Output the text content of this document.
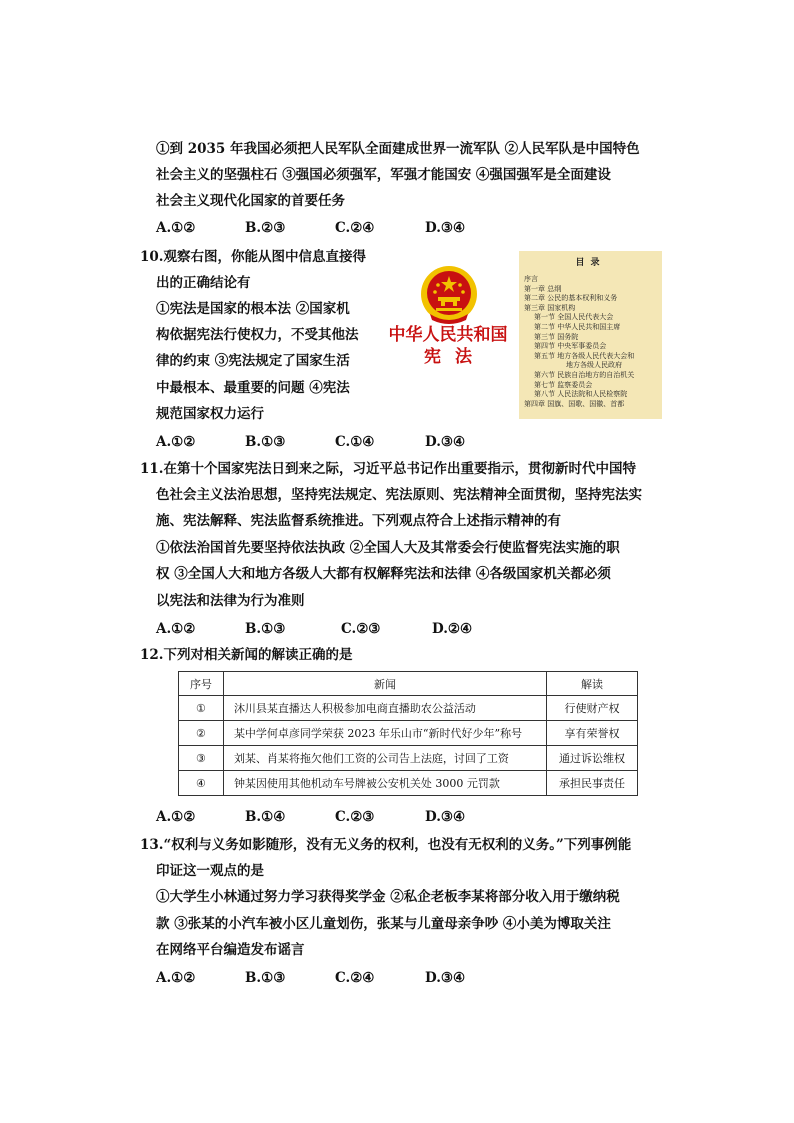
①到 2035 年我国必须把人民军队全面建成世界一流军队 ②人民军队是中国特色
社会主义的坚强柱石 ③强国必须强军，军强才能国安 ④强国强军是全面建设
社会主义现代化国家的首要任务
A.①②	B.②③	C.②④	D.③④
10.观察右图，你能从图中信息直接得
出的正确结论有
①宪法是国家的根本法 ②国家机
构依据宪法行使权力，不受其他法
律的约束 ③宪法规定了国家生活
中最根本、最重要的问题 ④宪法
规范国家权力运行
中华人民共和国
宪法
目录
序言
第一章 总纲
第二章 公民的基本权利和义务
第三章 国家机构
第一节 全国人民代表大会
第二节 中华人民共和国主席
第三节 国务院
第四节 中央军事委员会
第五节 地方各级人民代表大会和
地方各级人民政府
第六节 民族自治地方的自治机关
第七节 监察委员会
第八节 人民法院和人民检察院
第四章 国旗、国歌、国徽、首都
A.①②	B.①③	C.①④	D.③④
11.在第十个国家宪法日到来之际，习近平总书记作出重要指示，贯彻新时代中国特
色社会主义法治思想，坚持宪法规定、宪法原则、宪法精神全面贯彻，坚持宪法实
施、宪法解释、宪法监督系统推进。下列观点符合上述指示精神的有
①依法治国首先要坚持依法执政 ②全国人大及其常委会行使监督宪法实施的职
权 ③全国人大和地方各级人大都有权解释宪法和法律 ④各级国家机关都必须
以宪法和法律为行为准则
A.①②	B.①③	C.②③	D.②④
12.下列对相关新闻的解读正确的是
序号	新闻	解读
①	沐川县某直播达人积极参加电商直播助农公益活动	行使财产权
②	某中学何卓彦同学荣获 2023 年乐山市“新时代好少年”称号	享有荣誉权
③	刘某、肖某将拖欠他们工资的公司告上法庭，讨回了工资	通过诉讼维权
④	钟某因使用其他机动车号牌被公安机关处 3000 元罚款	承担民事责任
A.①②	B.①④	C.②③	D.③④
13.“权利与义务如影随形，没有无义务的权利，也没有无权利的义务。”下列事例能
印证这一观点的是
①大学生小林通过努力学习获得奖学金 ②私企老板李某将部分收入用于缴纳税
款 ③张某的小汽车被小区儿童划伤，张某与儿童母亲争吵 ④小美为博取关注
在网络平台编造发布谣言
A.①②	B.①③	C.②④	D.③④
